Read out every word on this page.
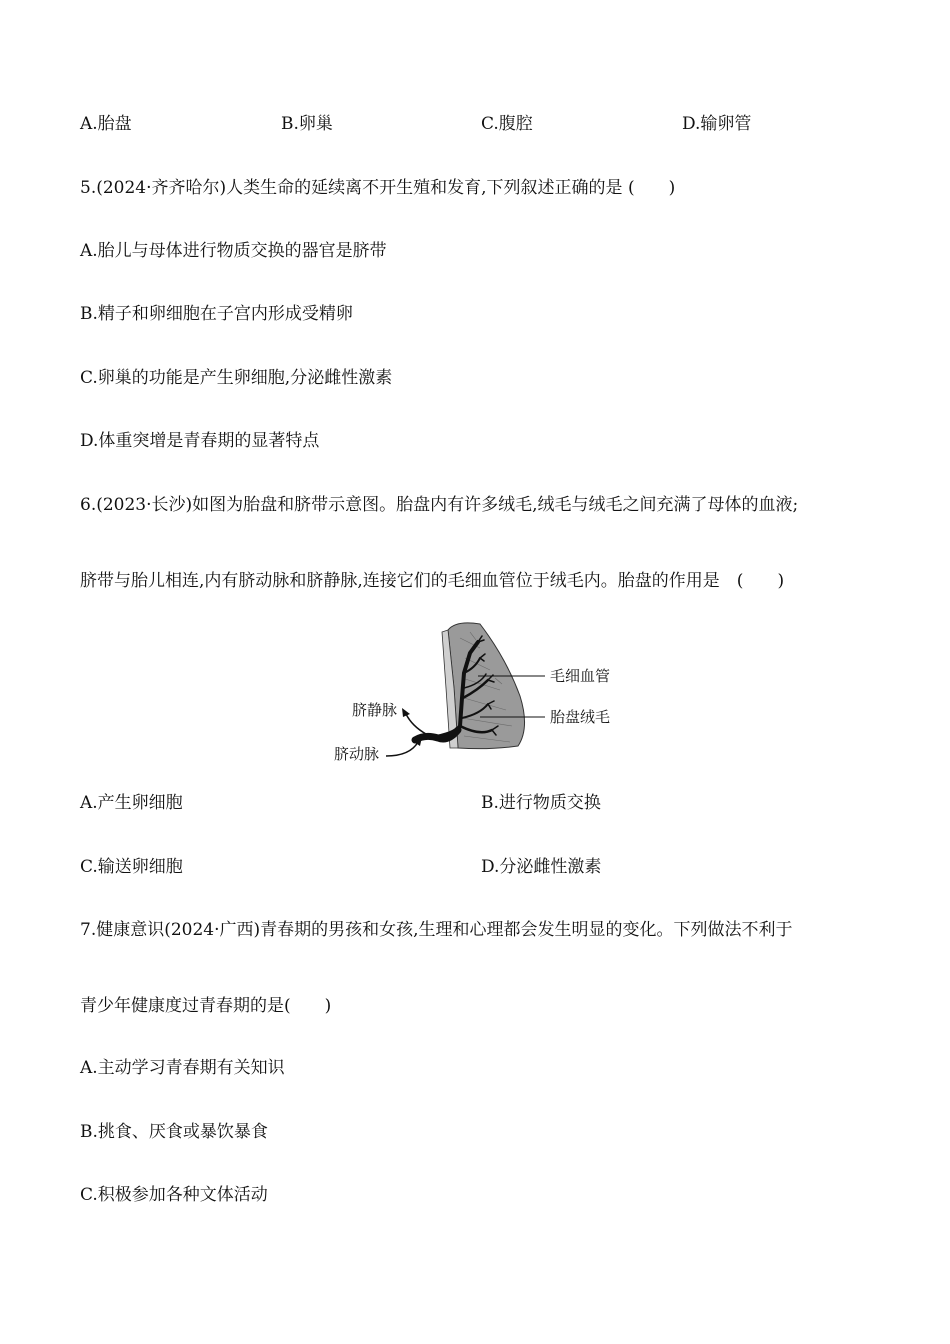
A.胎盘	B.卵巢	C.腹腔	D.输卵管
5.(2024·齐齐哈尔)人类生命的延续离不开生殖和发育,下列叙述正确的是 (　　)
A.胎儿与母体进行物质交换的器官是脐带
B.精子和卵细胞在子宫内形成受精卵
C.卵巢的功能是产生卵细胞,分泌雌性激素
D.体重突增是青春期的显著特点
6.(2023·长沙)如图为胎盘和脐带示意图。胎盘内有许多绒毛,绒毛与绒毛之间充满了母体的血液;
脐带与胎儿相连,内有脐动脉和脐静脉,连接它们的毛细血管位于绒毛内。胎盘的作用是　(　　)
毛细血管
胎盘绒毛
脐静脉
脐动脉
A.产生卵细胞	B.进行物质交换
C.输送卵细胞	D.分泌雌性激素
7.健康意识(2024·广西)青春期的男孩和女孩,生理和心理都会发生明显的变化。下列做法不利于
青少年健康度过青春期的是(　　)
A.主动学习青春期有关知识
B.挑食、厌食或暴饮暴食
C.积极参加各种文体活动
